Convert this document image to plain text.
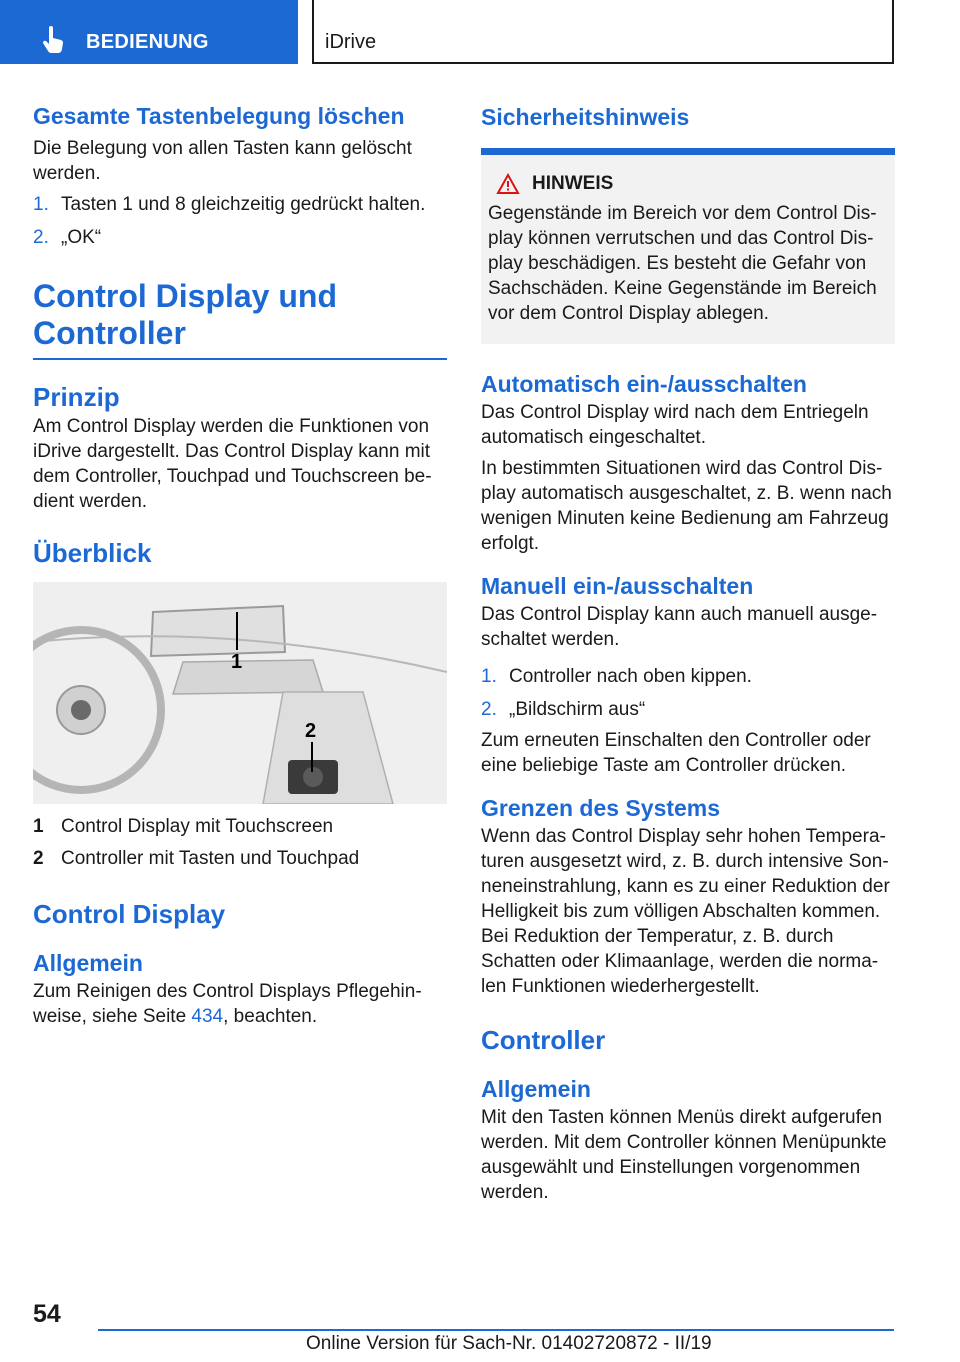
BEDIENUNG	iDrive
Gesamte Tastenbelegung löschen

Die Belegung von allen Tasten kann gelöscht werden.

1. Tasten 1 und 8 gleichzeitig gedrückt halten.
2. „OK“
Control Display und Controller
Prinzip

Am Control Display werden die Funktionen von iDrive dargestellt. Das Control Display kann mit dem Controller, Touchpad und Touchscreen bedient werden.

Überblick
1
2
1 Control Display mit Touchscreen
2 Controller mit Tasten und Touchpad
Control Display
Allgemein

Zum Reinigen des Control Displays Pflegehinweise, siehe Seite 434, beachten.

Sicherheitshinweis
HINWEIS

Gegenstände im Bereich vor dem Control Display können verrutschen und das Control Display beschädigen. Es besteht die Gefahr von Sachschäden. Keine Gegenstände im Bereich vor dem Control Display ablegen.

Automatisch ein-/ausschalten

Das Control Display wird nach dem Entriegeln automatisch eingeschaltet.

In bestimmten Situationen wird das Control Display automatisch ausgeschaltet, z. B. wenn nach wenigen Minuten keine Bedienung am Fahrzeug erfolgt.

Manuell ein-/ausschalten

Das Control Display kann auch manuell ausgeschaltet werden.

1. Controller nach oben kippen.
2. „Bildschirm aus“

Zum erneuten Einschalten den Controller oder eine beliebige Taste am Controller drücken.

Grenzen des Systems

Wenn das Control Display sehr hohen Temperaturen ausgesetzt wird, z. B. durch intensive Sonneneinstrahlung, kann es zu einer Reduktion der Helligkeit bis zum völligen Abschalten kommen. Bei Reduktion der Temperatur, z. B. durch Schatten oder Klimaanlage, werden die normalen Funktionen wiederhergestellt.

Controller
Allgemein

Mit den Tasten können Menüs direkt aufgerufen werden. Mit dem Controller können Menüpunkte ausgewählt und Einstellungen vorgenommen werden.

54
Online Version für Sach-Nr. 01402720872 - II/19
